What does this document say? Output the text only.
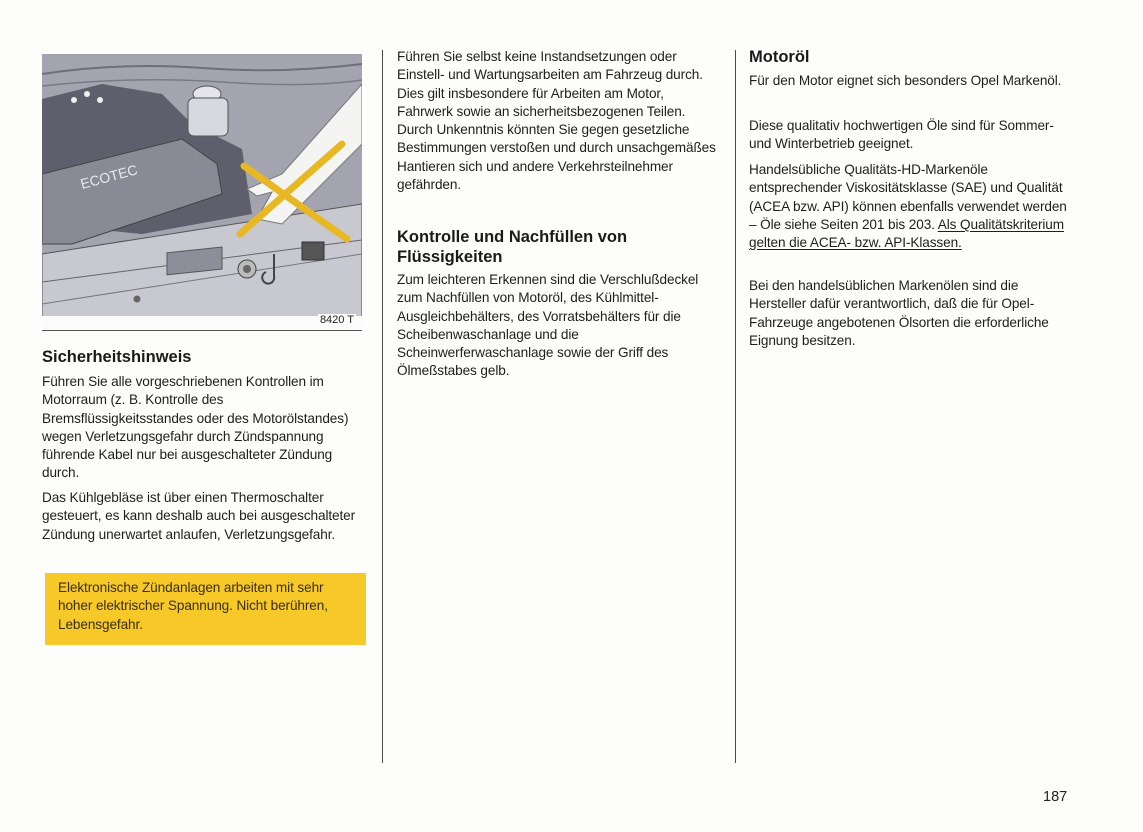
ECOTEC
8420 T
Sicherheitshinweis

Führen Sie alle vorgeschriebenen Kontrollen im Motorraum (z. B. Kontrolle des Bremsflüssigkeitsstandes oder des Motorölstandes) wegen Verletzungsgefahr durch Zündspannung führende Kabel nur bei ausgeschalteter Zündung durch.

Das Kühlgebläse ist über einen Thermoschalter gesteuert, es kann deshalb auch bei ausgeschalteter Zündung unerwartet anlaufen, Verletzungsgefahr.

Elektronische Zündanlagen arbeiten mit sehr hoher elektrischer Spannung. Nicht berühren, Lebensgefahr.

Führen Sie selbst keine Instandsetzungen oder Einstell- und Wartungsarbeiten am Fahrzeug durch. Dies gilt insbesondere für Arbeiten am Motor, Fahrwerk sowie an sicherheitsbezogenen Teilen. Durch Unkenntnis könnten Sie gegen gesetzliche Bestimmungen verstoßen und durch unsachgemäßes Hantieren sich und andere Verkehrsteilnehmer gefährden.

Kontrolle und Nachfüllen von Flüssigkeiten

Zum leichteren Erkennen sind die Verschlußdeckel zum Nachfüllen von Motoröl, des Kühlmittel-Ausgleichbehälters, des Vorratsbehälters für die Scheibenwaschanlage und die Scheinwerferwaschanlage sowie der Griff des Ölmeßstabes gelb.

Motoröl

Für den Motor eignet sich besonders Opel Markenöl.

Diese qualitativ hochwertigen Öle sind für Sommer- und Winterbetrieb geeignet.

Handelsübliche Qualitäts-HD-Markenöle entsprechender Viskositätsklasse (SAE) und Qualität (ACEA bzw. API) können ebenfalls verwendet werden – Öle siehe Seiten 201 bis 203. Als Qualitätskriterium gelten die ACEA- bzw. API-Klassen.

Bei den handelsüblichen Markenölen sind die Hersteller dafür verantwortlich, daß die für Opel-Fahrzeuge angebotenen Ölsorten die erforderliche Eignung besitzen.

187
